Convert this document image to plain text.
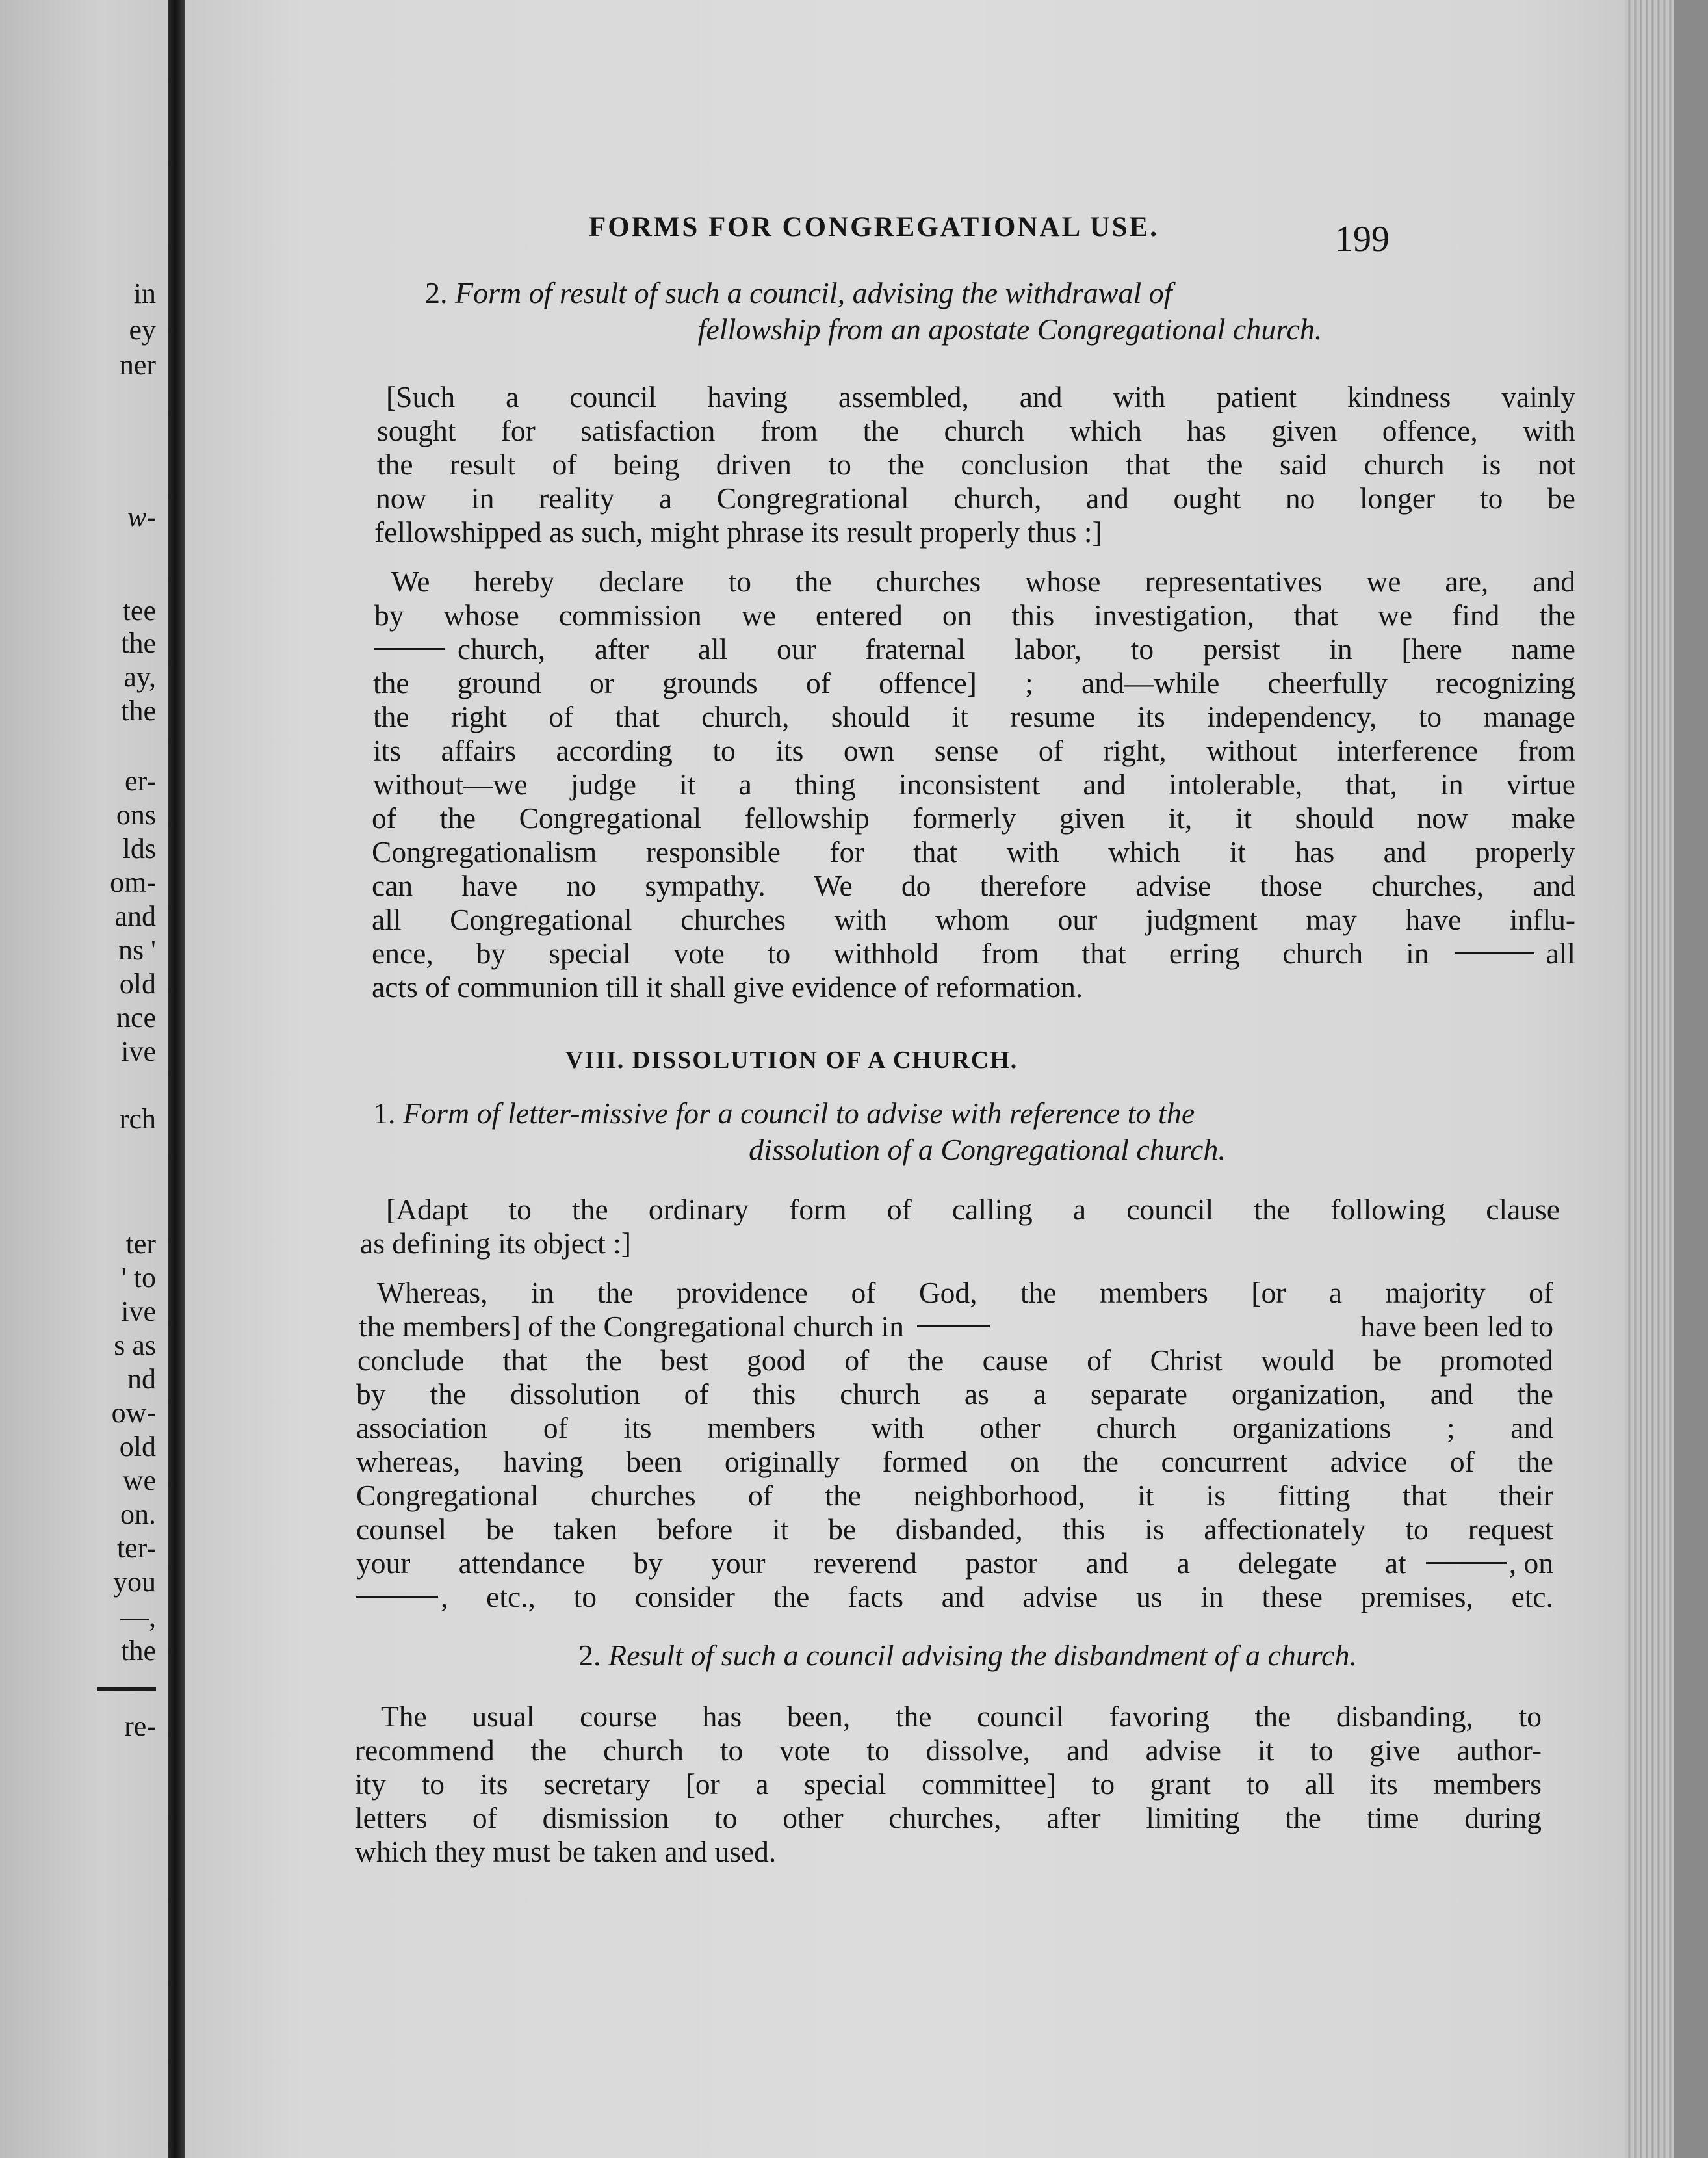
in
ey
ner
w-
tee
the
ay,
the
er-
ons
lds
om-
and
ns '
old
nce
ive
rch
ter
' to
ive
s as
nd
ow-
old
we
on.
ter-
you
—,
the
re-
FORMS FOR CONGREGATIONAL USE.	199
2. Form of result of such a council, advising the withdrawal of
fellowship from an apostate Congregational church.
[Such a council having assembled, and with patient kindness vainly
sought for satisfaction from the church which has given offence, with
the result of being driven to the conclusion that the said church is not
now in reality a Congregrational church, and ought no longer to be
fellowshipped as such, might phrase its result properly thus :]
We hereby declare to the churches whose representatives we are, and
by whose commission we entered on this investigation, that we find the
church, after all our fraternal labor, to persist in [here name
the ground or grounds of offence] ; and—while cheerfully recognizing
the right of that church, should it resume its independency, to manage
its affairs according to its own sense of right, without interference from
without—we judge it a thing inconsistent and intolerable, that, in virtue
of the Congregational fellowship formerly given it, it should now make
Congregationalism responsible for that with which it has and properly
can have no sympathy. We do therefore advise those churches, and
all Congregational churches with whom our judgment may have influ-
ence, by special vote to withhold from that erring church in	all
acts of communion till it shall give evidence of reformation.
VIII. DISSOLUTION OF A CHURCH.
1. Form of letter-missive for a council to advise with reference to the
dissolution of a Congregational church.
[Adapt to the ordinary form of calling a council the following clause
as defining its object :]
Whereas, in the providence of God, the members [or a majority of
the members] of the Congregational church in	have been led to
conclude that the best good of the cause of Christ would be promoted
by the dissolution of this church as a separate organization, and the
association of its members with other church organizations ; and
whereas, having been originally formed on the concurrent advice of the
Congregational churches of the neighborhood, it is fitting that their
counsel be taken before it be disbanded, this is affectionately to request
your attendance by your reverend pastor and a delegate at	, on
, etc., to consider the facts and advise us in these premises, etc.
2. Result of such a council advising the disbandment of a church.
The usual course has been, the council favoring the disbanding, to
recommend the church to vote to dissolve, and advise it to give author-
ity to its secretary [or a special committee] to grant to all its members
letters of dismission to other churches, after limiting the time during
which they must be taken and used.
